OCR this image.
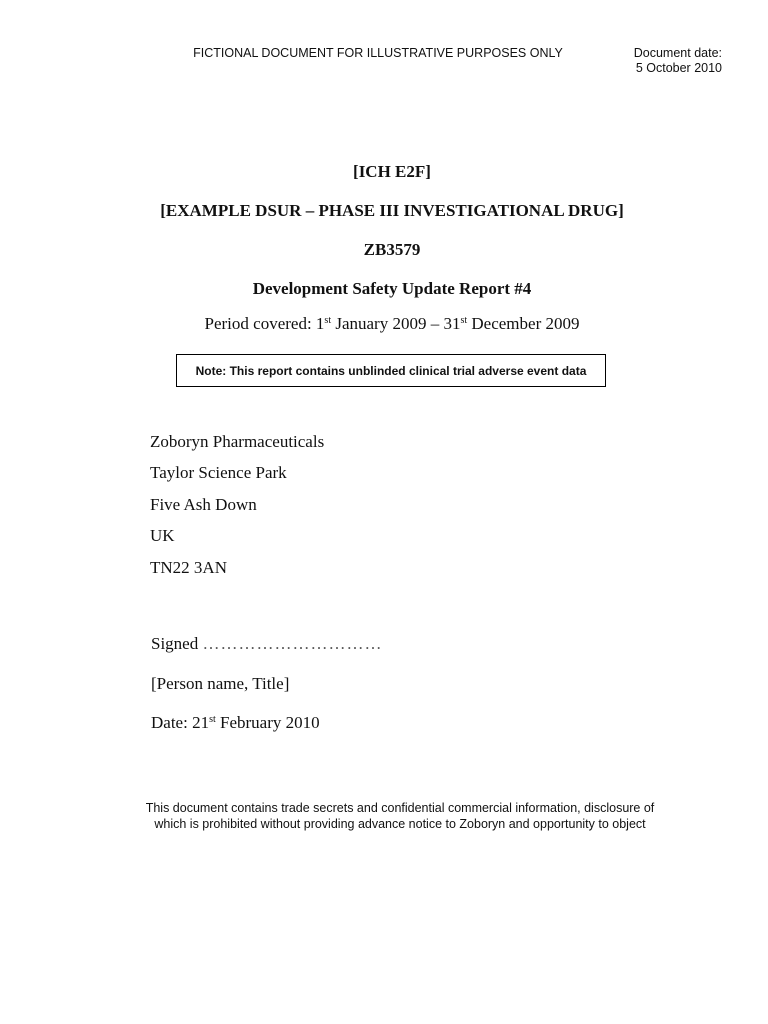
FICTIONAL DOCUMENT FOR ILLUSTRATIVE PURPOSES ONLY	Document date:
5 October 2010
[ICH E2F]
[EXAMPLE DSUR – PHASE III INVESTIGATIONAL DRUG]
ZB3579
Development Safety Update Report #4
Period covered: 1st January 2009 – 31st December 2009
Note: This report contains unblinded clinical trial adverse event data
Zoboryn Pharmaceuticals
Taylor Science Park
Five Ash Down
UK
TN22 3AN
Signed …………………………
[Person name, Title]
Date: 21st February 2010
This document contains trade secrets and confidential commercial information, disclosure of
which is prohibited without providing advance notice to Zoboryn and opportunity to object
